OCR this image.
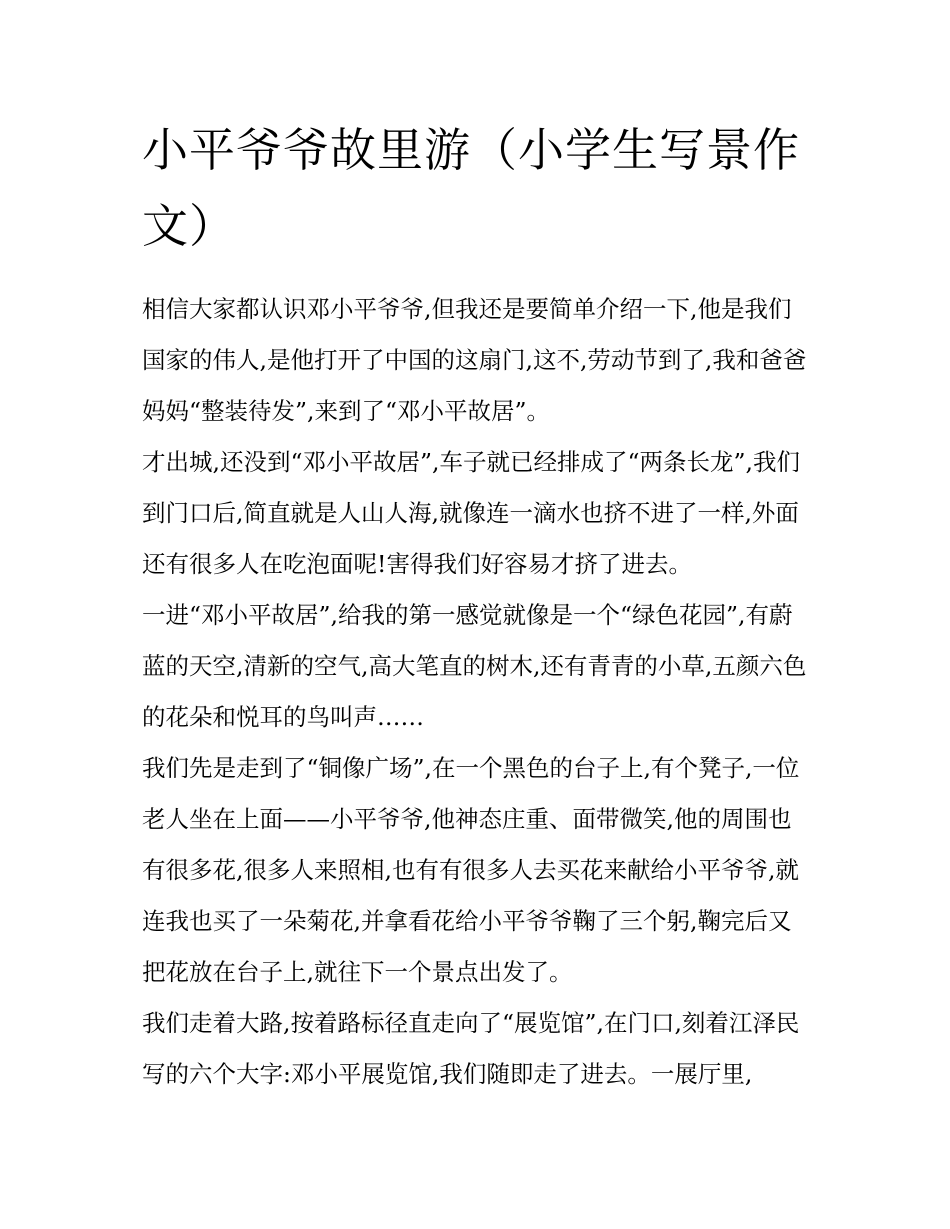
小平爷爷故里游（小学生写景作文）

相信大家都认识邓小平爷爷,但我还是要简单介绍一下,他是我们国家的伟人,是他打开了中国的这扇门,这不,劳动节到了,我和爸爸妈妈“整装待发”,来到了“邓小平故居”。

才出城,还没到“邓小平故居”,车子就已经排成了“两条长龙”,我们到门口后,简直就是人山人海,就像连一滴水也挤不进了一样,外面还有很多人在吃泡面呢!害得我们好容易才挤了进去。

一进“邓小平故居”,给我的第一感觉就像是一个“绿色花园”,有蔚蓝的天空,清新的空气,高大笔直的树木,还有青青的小草,五颜六色的花朵和悦耳的鸟叫声……

我们先是走到了“铜像广场”,在一个黑色的台子上,有个凳子,一位老人坐在上面——小平爷爷,他神态庄重、面带微笑,他的周围也有很多花,很多人来照相,也有有很多人去买花来献给小平爷爷,就连我也买了一朵菊花,并拿看花给小平爷爷鞠了三个躬,鞠完后又把花放在台子上,就往下一个景点出发了。

我们走着大路,按着路标径直走向了“展览馆”,在门口,刻着江泽民写的六个大字:邓小平展览馆,我们随即走了进去。一展厅里,
